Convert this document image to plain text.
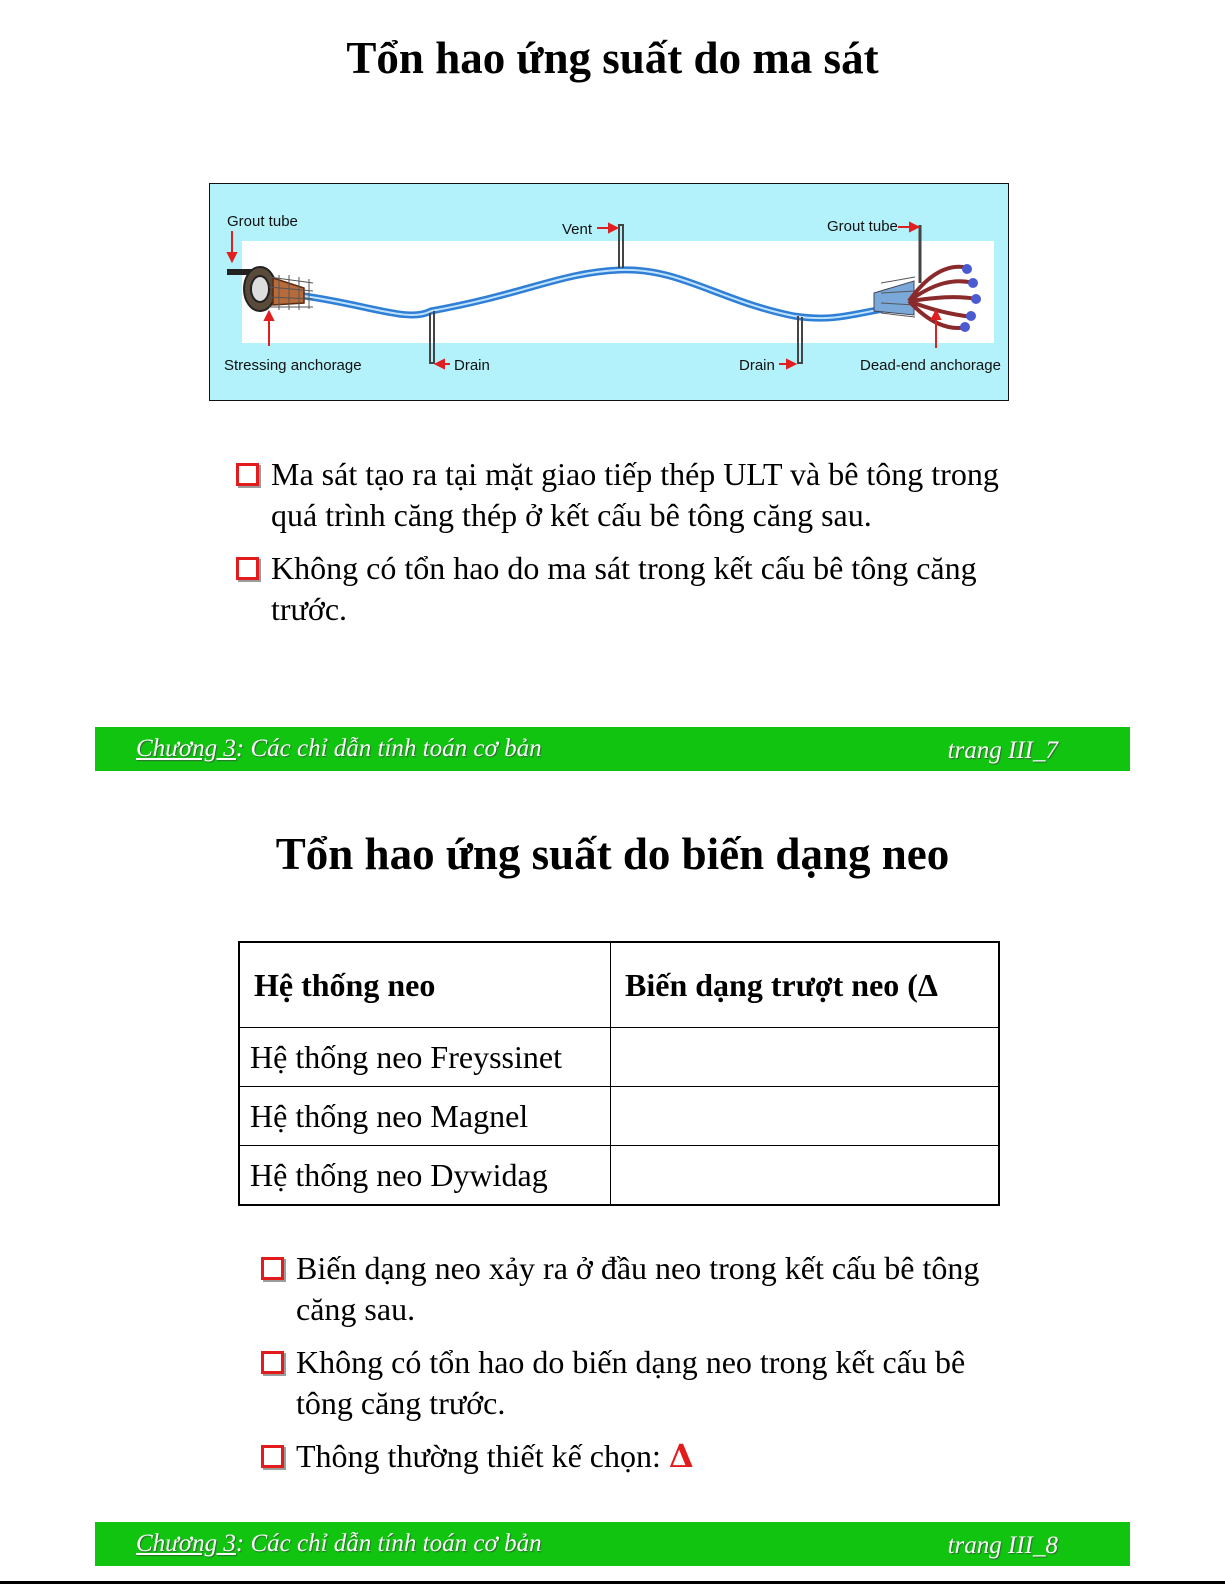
Tổn hao ứng suất do ma sát
Grout tube	Vent	Grout tube
Stressing anchorage	Drain	Drain	Dead-end anchorage
Ma sát tạo ra tại mặt giao tiếp thép ULT và bê tông trong quá trình căng thép ở kết cấu bê tông căng sau.
Không có tổn hao do ma sát trong kết cấu bê tông căng trước.
Chương 3: Các chỉ dẫn tính toán cơ bản	trang III_7
Tổn hao ứng suất do biến dạng neo
Hệ thống neo	Biến dạng trượt neo (Δ
Hệ thống neo Freyssinet	
Hệ thống neo Magnel	
Hệ thống neo Dywidag	
Biến dạng neo xảy ra ở đầu neo trong kết cấu bê tông căng sau.
Không có tổn hao do biến dạng neo trong kết cấu bê tông căng trước.
Thông thường thiết kế chọn: Δ
Chương 3: Các chỉ dẫn tính toán cơ bản	trang III_8
